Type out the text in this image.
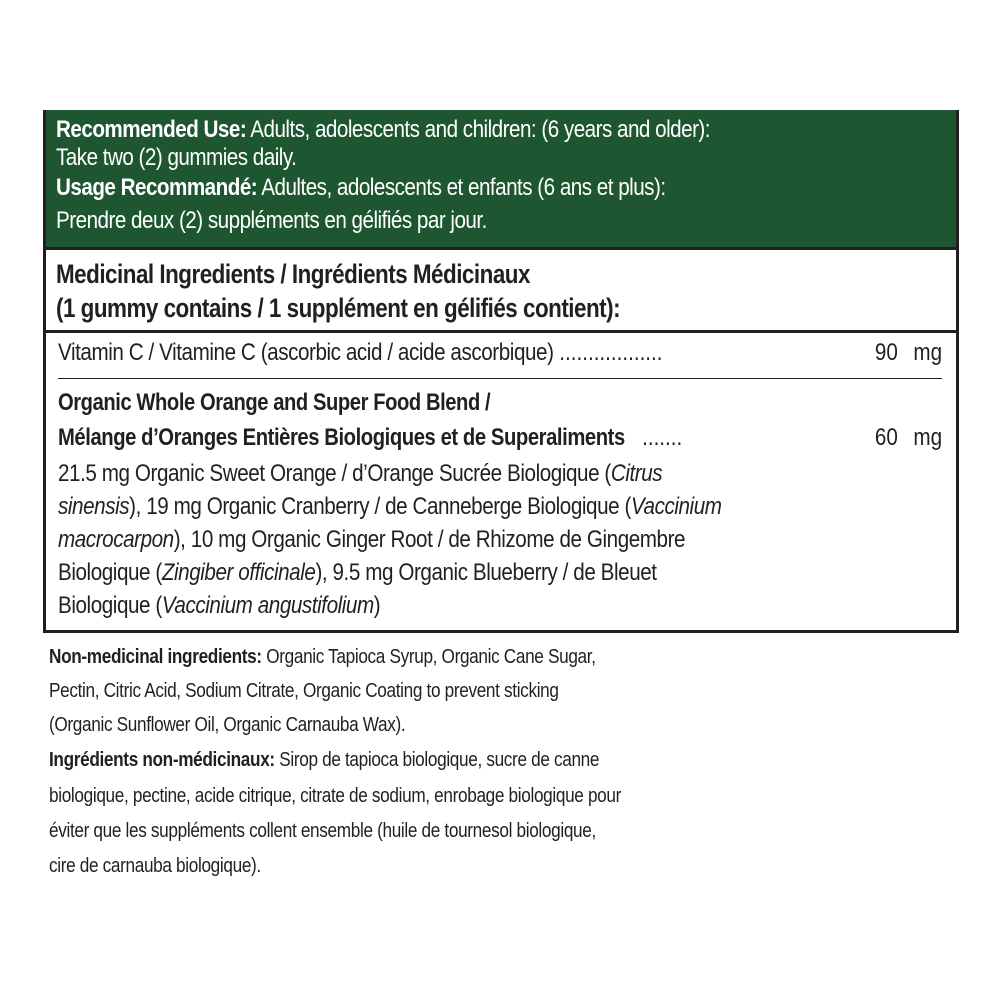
Recommended Use: Adults, adolescents and children: (6 years and older):
Take two (2) gummies daily.
Usage Recommandé: Adultes, adolescents et enfants (6 ans et plus):
Prendre deux (2) suppléments en gélifiés par jour.
Medicinal Ingredients / Ingrédients Médicinaux
(1 gummy contains / 1 supplément en gélifiés contient):
Vitamin C / Vitamine C (ascorbic acid / acide ascorbique) ..................	90 mg
Organic Whole Orange and Super Food Blend /
Mélange d’Oranges Entières Biologiques et de Superaliments .......	60 mg
21.5 mg Organic Sweet Orange / d’Orange Sucrée Biologique (Citrus
sinensis), 19 mg Organic Cranberry / de Canneberge Biologique (Vaccinium
macrocarpon), 10 mg Organic Ginger Root / de Rhizome de Gingembre
Biologique (Zingiber officinale), 9.5 mg Organic Blueberry / de Bleuet
Biologique (Vaccinium angustifolium)
Non-medicinal ingredients: Organic Tapioca Syrup, Organic Cane Sugar,
Pectin, Citric Acid, Sodium Citrate, Organic Coating to prevent sticking
(Organic Sunflower Oil, Organic Carnauba Wax).
Ingrédients non-médicinaux: Sirop de tapioca biologique, sucre de canne
biologique, pectine, acide citrique, citrate de sodium, enrobage biologique pour
éviter que les suppléments collent ensemble (huile de tournesol biologique,
cire de carnauba biologique).
